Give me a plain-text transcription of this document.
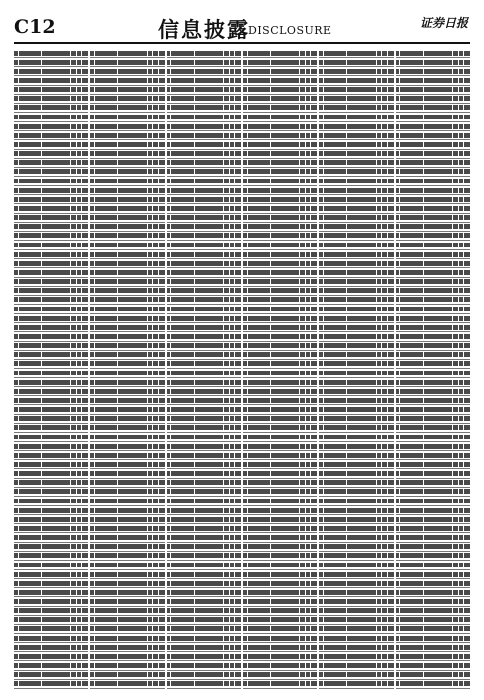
C12	信息披露
DISCLOSURE
证券日报
